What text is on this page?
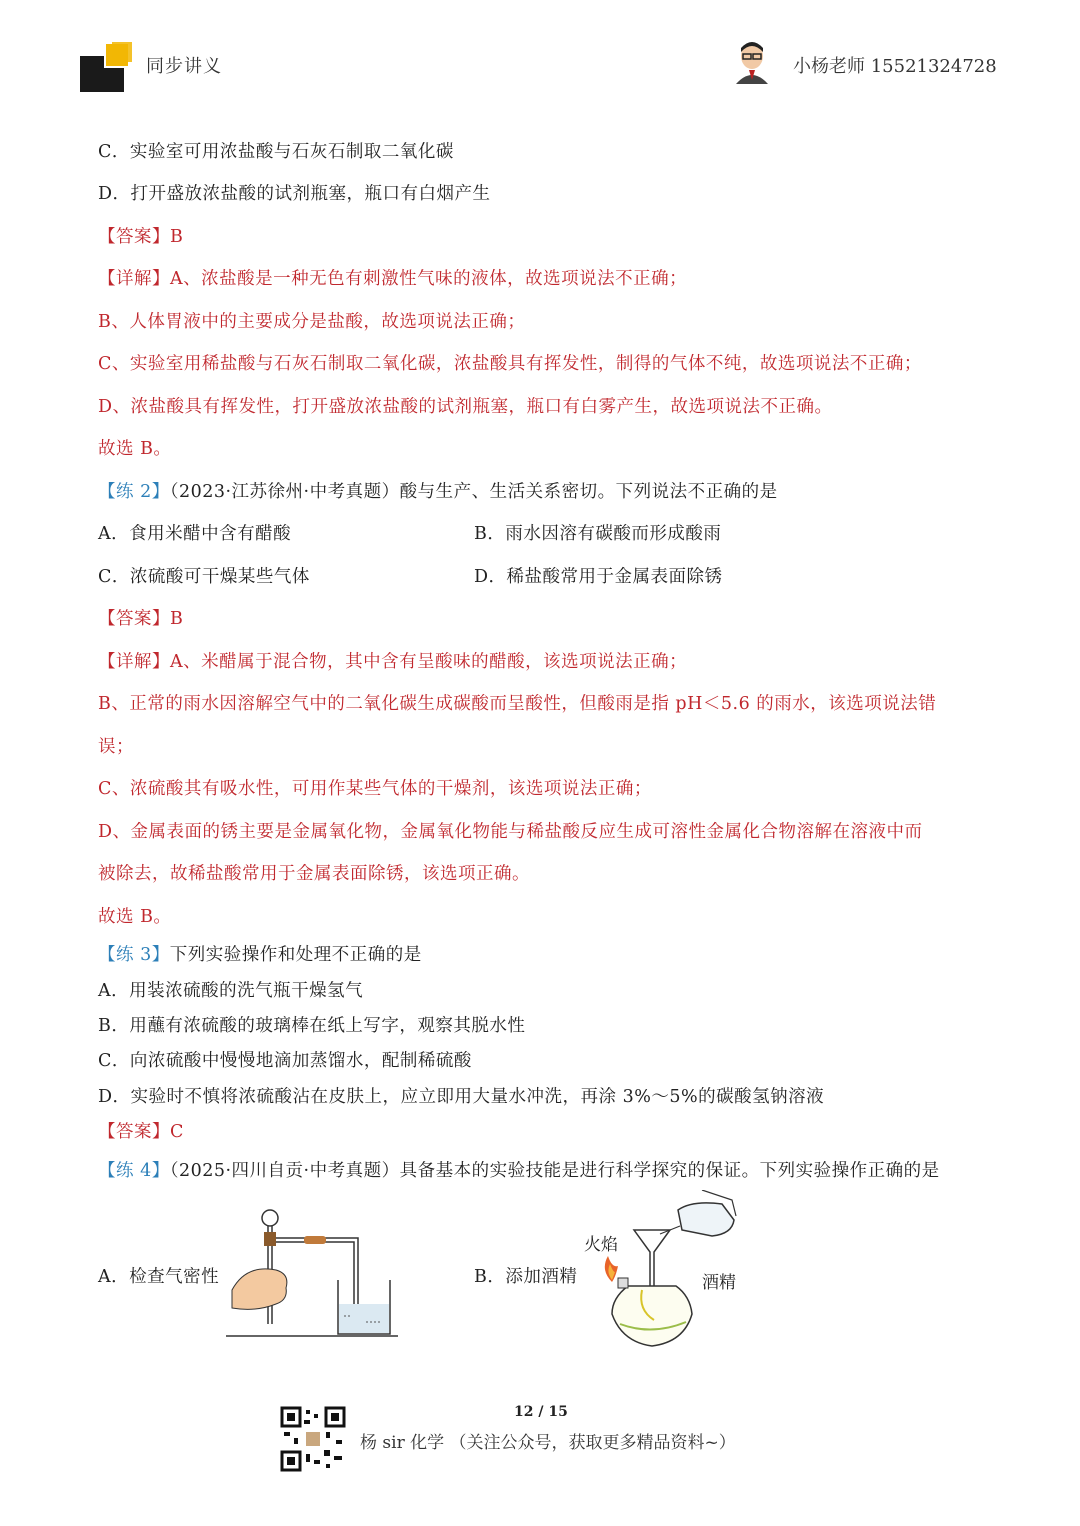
同步讲义	小杨老师 15521324728
C．实验室可用浓盐酸与石灰石制取二氧化碳
D．打开盛放浓盐酸的试剂瓶塞，瓶口有白烟产生
【答案】B
【详解】A、浓盐酸是一种无色有刺激性气味的液体，故选项说法不正确；
B、人体胃液中的主要成分是盐酸，故选项说法正确；
C、实验室用稀盐酸与石灰石制取二氧化碳，浓盐酸具有挥发性，制得的气体不纯，故选项说法不正确；
D、浓盐酸具有挥发性，打开盛放浓盐酸的试剂瓶塞，瓶口有白雾产生，故选项说法不正确。
故选 B。
【练 2】（2023·江苏徐州·中考真题）酸与生产、生活关系密切。下列说法不正确的是
A．食用米醋中含有醋酸	B．雨水因溶有碳酸而形成酸雨
C．浓硫酸可干燥某些气体	D．稀盐酸常用于金属表面除锈
【答案】B
【详解】A、米醋属于混合物，其中含有呈酸味的醋酸，该选项说法正确；
B、正常的雨水因溶解空气中的二氧化碳生成碳酸而呈酸性，但酸雨是指 pH＜5.6 的雨水，该选项说法错
误；
C、浓硫酸其有吸水性，可用作某些气体的干燥剂，该选项说法正确；
D、金属表面的锈主要是金属氧化物，金属氧化物能与稀盐酸反应生成可溶性金属化合物溶解在溶液中而
被除去，故稀盐酸常用于金属表面除锈，该选项正确。
故选 B。
【练 3】下列实验操作和处理不正确的是
A．用装浓硫酸的洗气瓶干燥氢气
B．用蘸有浓硫酸的玻璃棒在纸上写字，观察其脱水性
C．向浓硫酸中慢慢地滴加蒸馏水，配制稀硫酸
D．实验时不慎将浓硫酸沾在皮肤上，应立即用大量水冲洗，再涂 3%～5%的碳酸氢钠溶液
【答案】C
【练 4】（2025·四川自贡·中考真题）具备基本的实验技能是进行科学探究的保证。下列实验操作正确的是
A．检查气密性	B．添加酒精
火焰
酒精
12 / 15
杨 sir 化学 （关注公众号，获取更多精品资料~）
